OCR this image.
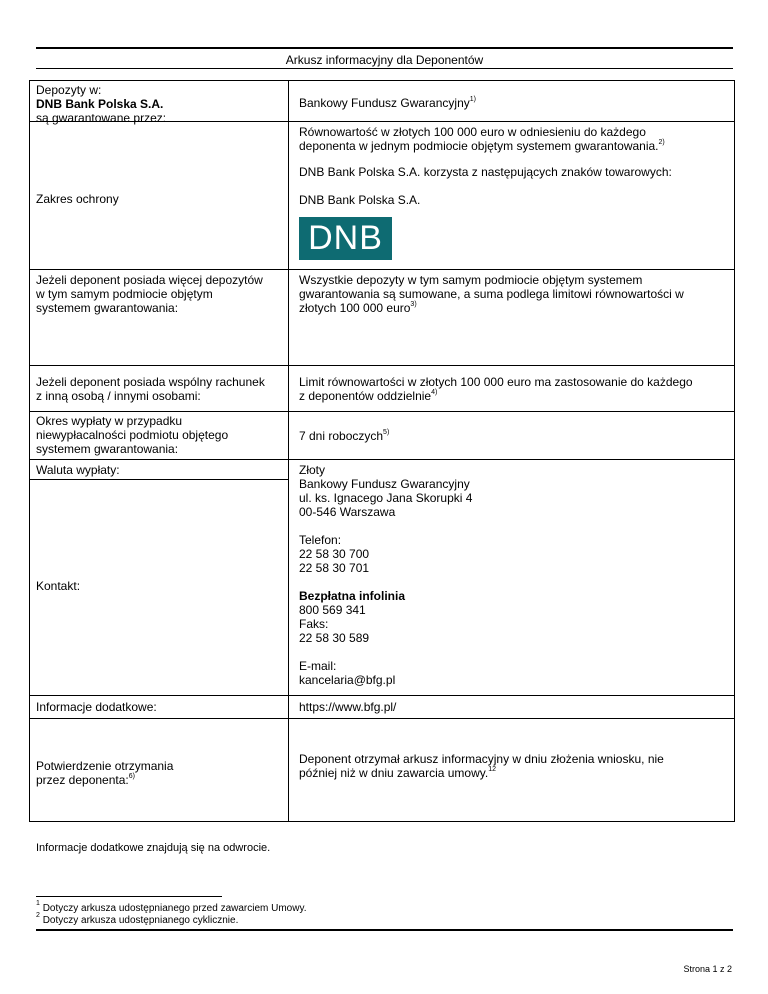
Arkusz informacyjny dla Deponentów
Depozyty w:
DNB Bank Polska S.A.
są gwarantowane przez:
Bankowy Fundusz Gwarancyjny$^{1)}$
Zakres ochrony
Równowartość w złotych 100 000 euro w odniesieniu do każdego
deponenta w jednym podmiocie objętym systemem gwarantowania.$^{2)}$
DNB Bank Polska S.A. korzysta z następujących znaków towarowych:
DNB Bank Polska S.A.
DNB
Jeżeli deponent posiada więcej depozytów
w tym samym podmiocie objętym
systemem gwarantowania:
Wszystkie depozyty w tym samym podmiocie objętym systemem
gwarantowania są sumowane, a suma podlega limitowi równowartości w
złotych 100 000 euro$^{3)}$
Jeżeli deponent posiada wspólny rachunek
z inną osobą / innymi osobami:
Limit równowartości w złotych 100 000 euro ma zastosowanie do każdego
z deponentów oddzielnie$^{4)}$
Okres wypłaty w przypadku
niewypłacalności podmiotu objętego
systemem gwarantowania:
7 dni roboczych$^{5)}$
Waluta wypłaty:
Kontakt:
Złoty
Bankowy Fundusz Gwarancyjny
ul. ks. Ignacego Jana Skorupki 4
00-546 Warszawa
Telefon:
22 58 30 700
22 58 30 701
Bezpłatna infolinia
800 569 341
Faks:
22 58 30 589
E-mail:
kancelaria@bfg.pl
Informacje dodatkowe:	https://www.bfg.pl/
Potwierdzenie otrzymania
przez deponenta:$^{6)}$
Deponent otrzymał arkusz informacyjny w dniu złożenia wniosku, nie
później niż w dniu zawarcia umowy.$^{12}$
Informacje dodatkowe znajdują się na odwrocie.
$^1$ Dotyczy arkusza udostępnianego przed zawarciem Umowy.
$^2$ Dotyczy arkusza udostępnianego cyklicznie.
Strona 1 z 2
